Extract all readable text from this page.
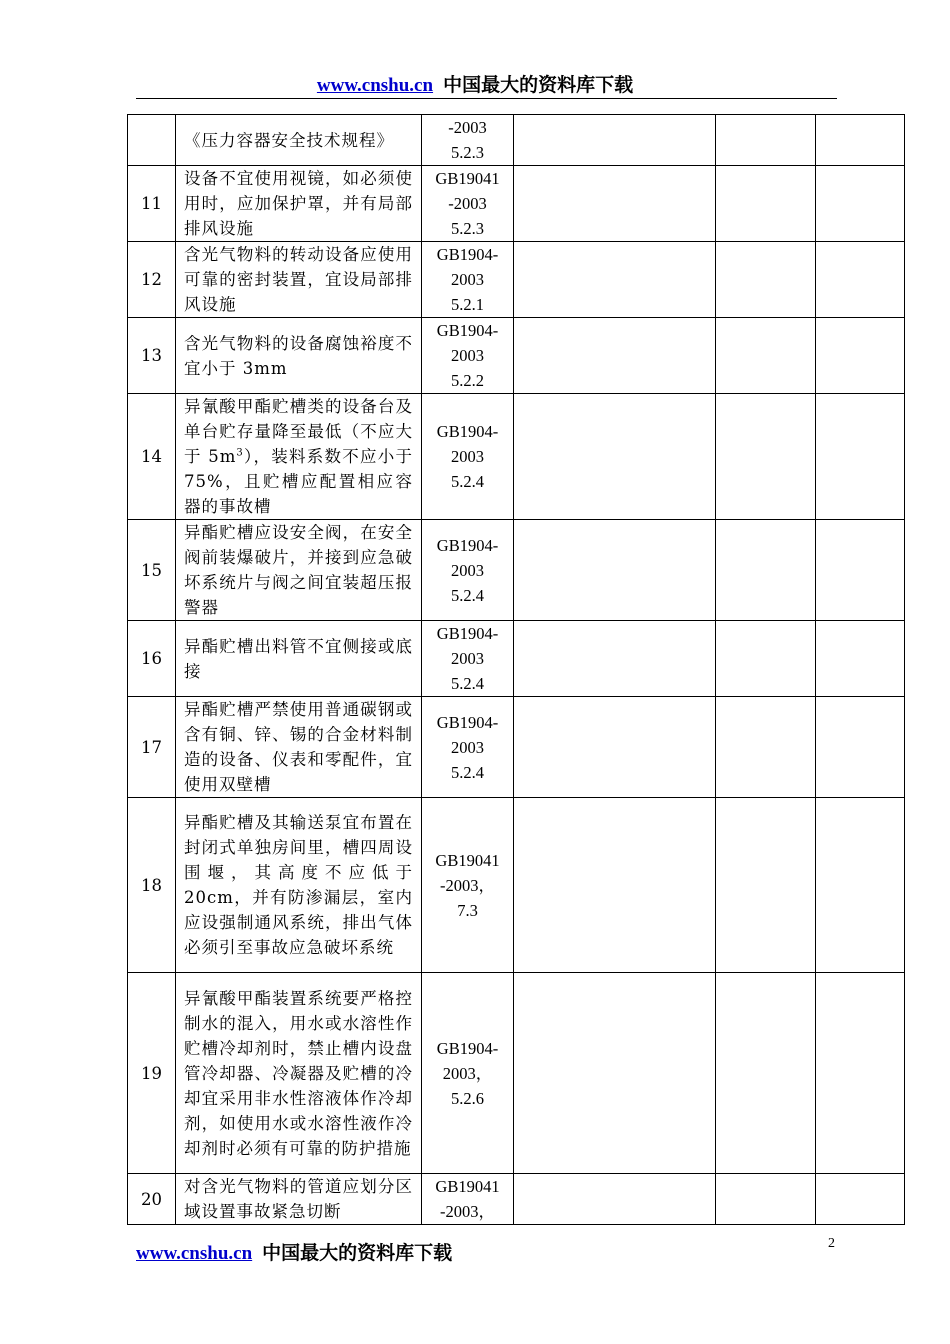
www.cnshu.cn 中国最大的资料库下载
	《压力容器安全技术规程》	-2003
5.2.3			
11	设备不宜使用视镜，如必须使用时，应加保护罩，并有局部排风设施	GB19041
-2003
5.2.3			
12	含光气物料的转动设备应使用可靠的密封装置，宜设局部排风设施	GB1904-
2003
5.2.1			
13	含光气物料的设备腐蚀裕度不宜小于 3mm	GB1904-
2003
5.2.2			
14	异氰酸甲酯贮槽类的设备台及单台贮存量降至最低（不应大于 $5m^3$），装料系数不应小于 75%，且贮槽应配置相应容器的事故槽	GB1904-
2003
5.2.4			
15	异酯贮槽应设安全阀，在安全阀前装爆破片，并接到应急破坏系统片与阀之间宜装超压报警器	GB1904-
2003
5.2.4			
16	异酯贮槽出料管不宜侧接或底接	GB1904-
2003
5.2.4			
17	异酯贮槽严禁使用普通碳钢或含有铜、锌、锡的合金材料制造的设备、仪表和零配件，宜使用双壁槽	GB1904-
2003
5.2.4			
18	异酯贮槽及其输送泵宜布置在封闭式单独房间里，槽四周设围堰，其高度不应低于 20cm，并有防渗漏层，室内应设强制通风系统，排出气体必须引至事故应急破坏系统	GB19041
-2003，
7.3			
19	异氰酸甲酯装置系统要严格控制水的混入，用水或水溶性作贮槽冷却剂时，禁止槽内设盘管冷却器、冷凝器及贮槽的冷却宜采用非水性溶液体作冷却剂，如使用水或水溶性液作冷却剂时必须有可靠的防护措施	GB1904-
2003，
5.2.6			
20	对含光气物料的管道应划分区域设置事故紧急切断	GB19041
-2003，			
www.cnshu.cn 中国最大的资料库下载	2
